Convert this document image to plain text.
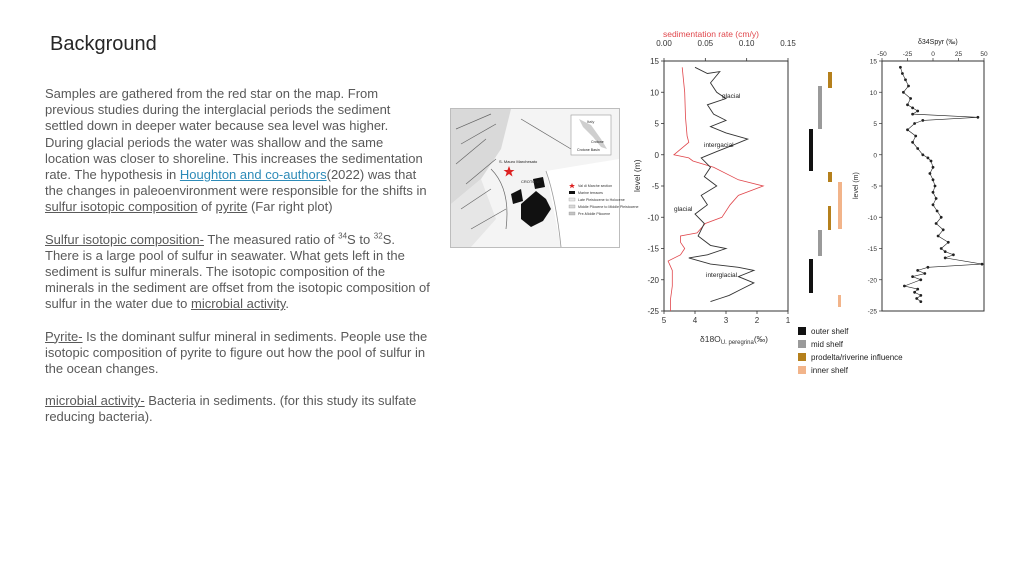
Background

Samples are gathered from the red star on the map. From previous studies during the interglacial periods the sediment settled down in deeper water because sea level was higher. During glacial periods the water was shallow and the same location was closer to shoreline. This increases the sedimentation rate. The hypothesis in Houghton and co-authors(2022) was that the changes in paleoenvironment were responsible for the shifts in sulfur isotopic composition of pyrite (Far right plot)

Sulfur isotopic composition- The measured ratio of $^{34}$S to $^{32}$S. There is a large pool of sulfur in seawater. What gets left in the sediment is sulfur minerals. The isotopic composition of the minerals in the sediment are offset from the isotopic composition of sulfur in the water due to microbial activity.

Pyrite- Is the dominant sulfur mineral in sediments. People use the isotopic composition of pyrite to figure out how the pool of sulfur in the ocean changes.

microbial activity- Bacteria in sediments. (for this study its sulfate reducing bacteria).

Italy
S. Mauro Marchesato
CROTONE
Crotone Basin
Crotone
Val di Marche section
Marine terraces
Late Pleistocene to Holocene
Middle Pliocene to Middle Pleistocene
Pre-Middle Pliocene
sedimentation rate (cm/y)
0.00	0.05	0.10	0.15
15
10
5
0
-5
-10
-15
-20
-25
level (m)
5	4	3	2	1
$\delta 18O_{U. peregrina}(‰)$
glacial
intergacial
glacial
interglacial
δ34Spyr (‰)
-50 -25	0	25	50
15
10
5
0
-5
-10
-15
-20
-25
level (m)
outer shelf
mid shelf
prodelta/riverine influence
inner shelf
